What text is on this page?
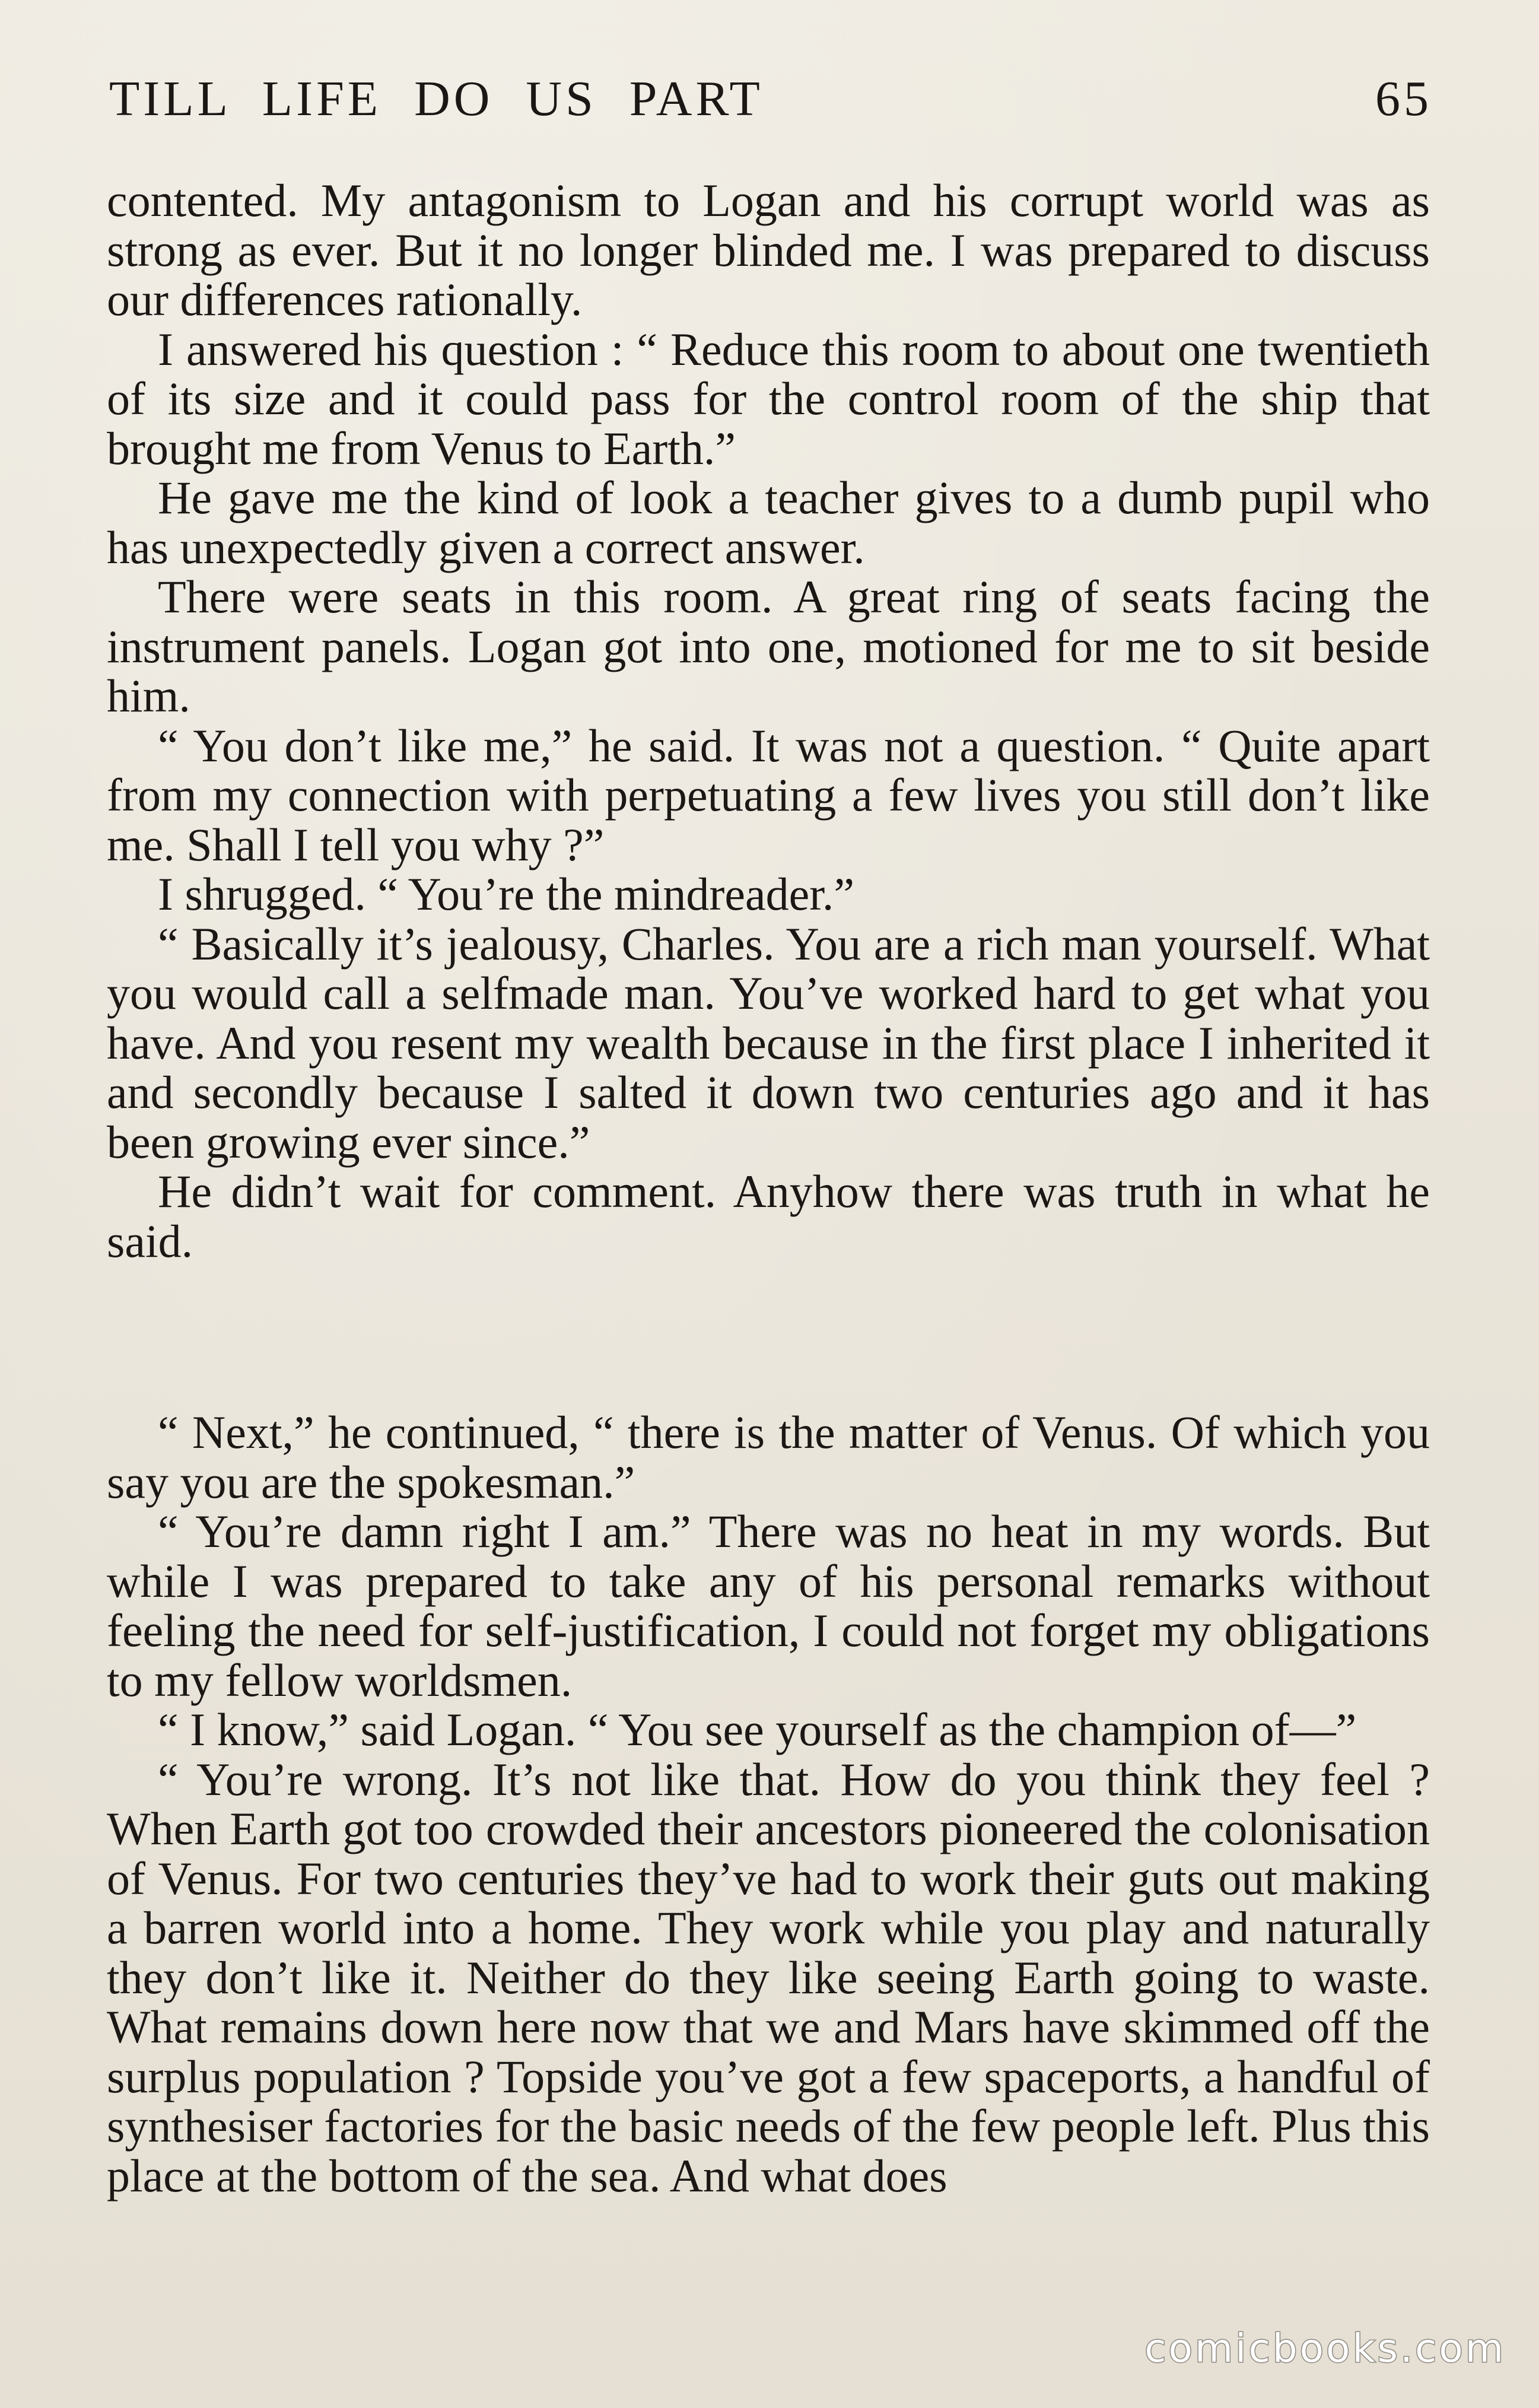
TILL LIFE DO US PART	65

contented. My antagonism to Logan and his corrupt world was as strong as ever. But it no longer blinded me. I was prepared to discuss our differences rationally.

I answered his question : “ Reduce this room to about one twentieth of its size and it could pass for the control room of the ship that brought me from Venus to Earth.”

He gave me the kind of look a teacher gives to a dumb pupil who has unexpectedly given a correct answer.

There were seats in this room. A great ring of seats facing the instrument panels. Logan got into one, motioned for me to sit beside him.

“ You don’t like me,” he said. It was not a question. “ Quite apart from my connection with perpetuating a few lives you still don’t like me. Shall I tell you why ?”

I shrugged. “ You’re the mindreader.”

“ Basically it’s jealousy, Charles. You are a rich man yourself. What you would call a selfmade man. You’ve worked hard to get what you have. And you resent my wealth because in the first place I inherited it and secondly because I salted it down two centuries ago and it has been growing ever since.”

He didn’t wait for comment. Anyhow there was truth in what he said.

“ Next,” he continued, “ there is the matter of Venus. Of which you say you are the spokesman.”

“ You’re damn right I am.” There was no heat in my words. But while I was prepared to take any of his personal remarks without feeling the need for self-justification, I could not forget my obligations to my fellow worldsmen.

“ I know,” said Logan. “ You see yourself as the champion of—”

“ You’re wrong. It’s not like that. How do you think they feel ? When Earth got too crowded their ancestors pioneered the colonisation of Venus. For two centuries they’ve had to work their guts out making a barren world into a home. They work while you play and naturally they don’t like it. Neither do they like seeing Earth going to waste. What remains down here now that we and Mars have skimmed off the surplus population ? Topside you’ve got a few spaceports, a handful of synthesiser factories for the basic needs of the few people left. Plus this place at the bottom of the sea. And what does

comicbooks.com
